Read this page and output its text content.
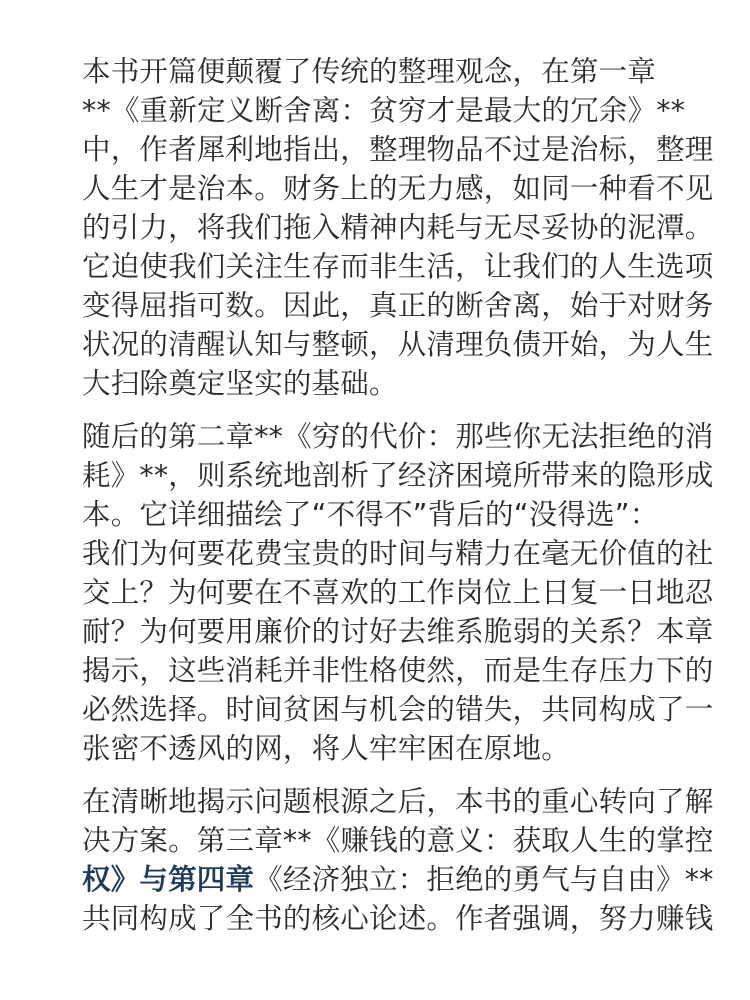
本书开篇便颠覆了传统的整理观念，在第一章
**《重新定义断舍离：贫穷才是最大的冗余》**
中，作者犀利地指出，整理物品不过是治标，整理
人生才是治本。财务上的无力感，如同一种看不见
的引力，将我们拖入精神内耗与无尽妥协的泥潭。
它迫使我们关注生存而非生活，让我们的人生选项
变得屈指可数。因此，真正的断舍离，始于对财务
状况的清醒认知与整顿，从清理负债开始，为人生
大扫除奠定坚实的基础。
随后的第二章**《穷的代价：那些你无法拒绝的消
耗》**，则系统地剖析了经济困境所带来的隐形成
本。它详细描绘了“不得不”背后的“没得选”：
我们为何要花费宝贵的时间与精力在毫无价值的社
交上？为何要在不喜欢的工作岗位上日复一日地忍
耐？为何要用廉价的讨好去维系脆弱的关系？本章
揭示，这些消耗并非性格使然，而是生存压力下的
必然选择。时间贫困与机会的错失，共同构成了一
张密不透风的网，将人牢牢困在原地。
在清晰地揭示问题根源之后，本书的重心转向了解
决方案。第三章**《赚钱的意义：获取人生的掌控
权》与第四章《经济独立：拒绝的勇气与自由》**
共同构成了全书的核心论述。作者强调，努力赚钱
